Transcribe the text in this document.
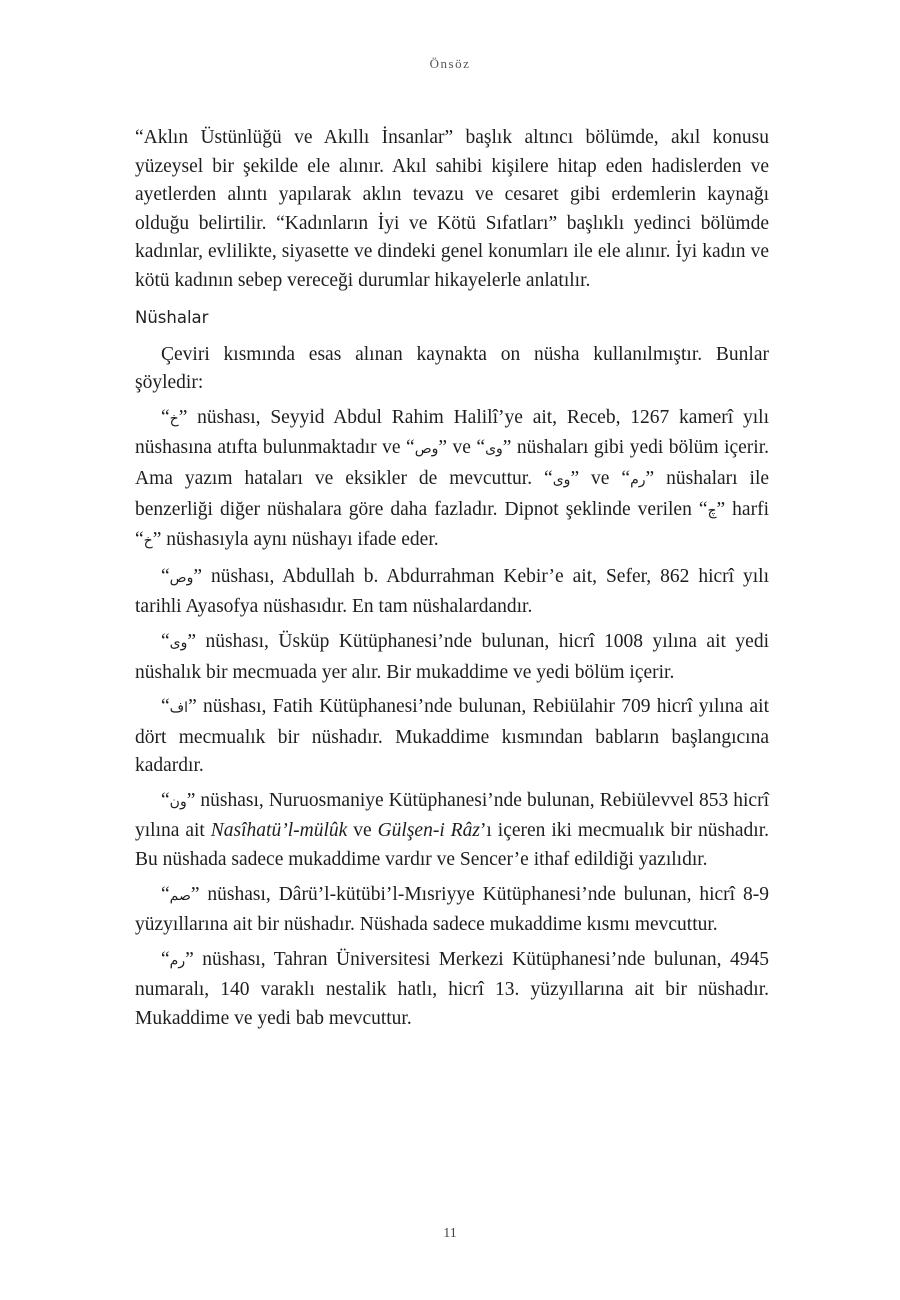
Önsöz

“Aklın Üstünlüğü ve Akıllı İnsanlar” başlık altıncı bölümde, akıl konusu yüzeysel bir şekilde ele alınır. Akıl sahibi kişilere hitap eden hadislerden ve ayetlerden alıntı yapılarak aklın tevazu ve cesaret gibi erdemlerin kaynağı olduğu belirtilir. “Kadınların İyi ve Kötü Sıfatları” başlıklı yedinci bölümde kadınlar, evlilikte, siyasette ve dindeki genel konumları ile ele alınır. İyi kadın ve kötü kadının sebep vereceği durumlar hikayelerle anlatılır.

Nüshalar

Çeviri kısmında esas alınan kaynakta on nüsha kullanılmıştır. Bunlar şöyledir:

“خ” nüshası, Seyyid Abdul Rahim Halilî’ye ait, Receb, 1267 kamerî yılı nüshasına atıfta bulunmaktadır ve “وص” ve “وى” nüshaları gibi yedi bölüm içerir. Ama yazım hataları ve eksikler de mevcuttur. “وى” ve “رم” nüshaları ile benzerliği diğer nüshalara göre daha fazladır. Dipnot şeklinde verilen “چ” harfi “خ” nüshasıyla aynı nüshayı ifade eder.

“وص” nüshası, Abdullah b. Abdurrahman Kebir’e ait, Sefer, 862 hicrî yılı tarihli Ayasofya nüshasıdır. En tam nüshalardandır.

“وى” nüshası, Üsküp Kütüphanesi’nde bulunan, hicrî 1008 yılına ait yedi nüshalık bir mecmuada yer alır. Bir mukaddime ve yedi bölüm içerir.

“اف” nüshası, Fatih Kütüphanesi’nde bulunan, Rebiülahir 709 hicrî yılına ait dört mecmualık bir nüshadır. Mukaddime kısmından babların başlangıcına kadardır.

“ون” nüshası, Nuruosmaniye Kütüphanesi’nde bulunan, Rebiülevvel 853 hicrî yılına ait Nasîhatü’l-mülûk ve Gülşen-i Râz’ı içeren iki mecmualık bir nüshadır. Bu nüshada sadece mukaddime vardır ve Sencer’e ithaf edildiği yazılıdır.

“صم” nüshası, Dârü’l-kütübi’l-Mısriyye Kütüphanesi’nde bulunan, hicrî 8-9 yüzyıllarına ait bir nüshadır. Nüshada sadece mukaddime kısmı mevcuttur.

“رم” nüshası, Tahran Üniversitesi Merkezi Kütüphanesi’nde bulunan, 4945 numaralı, 140 varaklı nestalik hatlı, hicrî 13. yüzyıllarına ait bir nüshadır. Mukaddime ve yedi bab mevcuttur.

11
